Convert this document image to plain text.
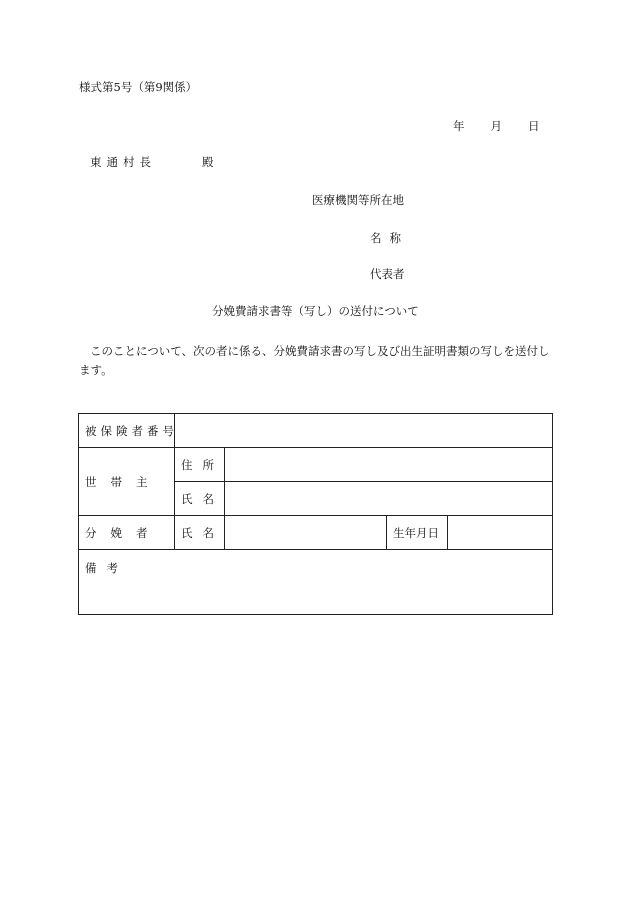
様式第5号（第9関係）
年 月 日
東通村長	殿
医療機関等所在地
名称
代表者
分娩費請求書等（写し）の送付について
このことについて、次の者に係る、分娩費請求書の写し及び出生証明書類の写しを送付します。
被保険者番号				
世帯主	住所			
	氏名			
分娩者	氏名		生年月日	
備考				
